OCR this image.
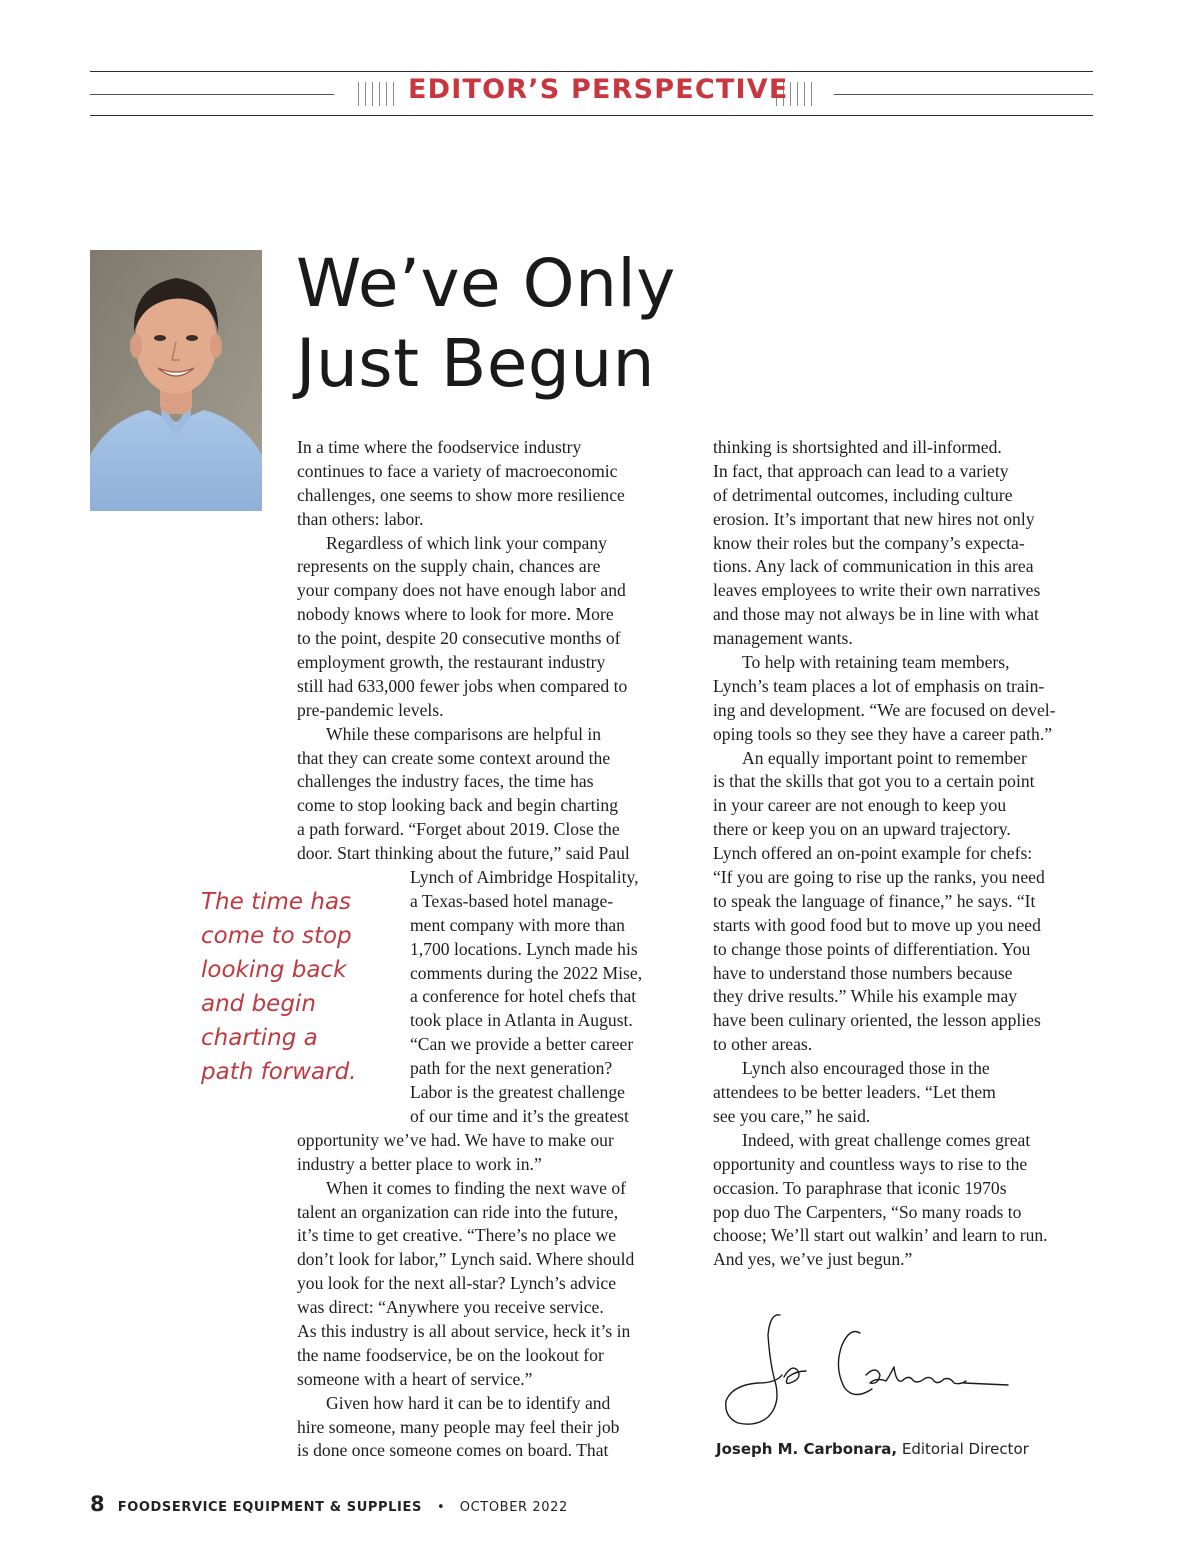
EDITOR’S PERSPECTIVE
We’ve Only
Just Begun
In a time where the foodservice industry
continues to face a variety of macroeconomic
challenges, one seems to show more resilience
than others: labor.
Regardless of which link your company
represents on the supply chain, chances are
your company does not have enough labor and
nobody knows where to look for more. More
to the point, despite 20 consecutive months of
employment growth, the restaurant industry
still had 633,000 fewer jobs when compared to
pre-pandemic levels.
While these comparisons are helpful in
that they can create some context around the
challenges the industry faces, the time has
come to stop looking back and begin charting
a path forward. “Forget about 2019. Close the
door. Start thinking about the future,” said Paul
Lynch of Aimbridge Hospitality,
a Texas-based hotel manage-
ment company with more than
1,700 locations. Lynch made his
comments during the 2022 Mise,
a conference for hotel chefs that
took place in Atlanta in August.
“Can we provide a better career
path for the next generation?
Labor is the greatest challenge
of our time and it’s the greatest
opportunity we’ve had. We have to make our
industry a better place to work in.”
When it comes to finding the next wave of
talent an organization can ride into the future,
it’s time to get creative. “There’s no place we
don’t look for labor,” Lynch said. Where should
you look for the next all-star? Lynch’s advice
was direct: “Anywhere you receive service.
As this industry is all about service, heck it’s in
the name foodservice, be on the lookout for
someone with a heart of service.”
Given how hard it can be to identify and
hire someone, many people may feel their job
is done once someone comes on board. That
The time has
come to stop
looking back
and begin
charting a
path forward.
thinking is shortsighted and ill-informed.
In fact, that approach can lead to a variety
of detrimental outcomes, including culture
erosion. It’s important that new hires not only
know their roles but the company’s expecta-
tions. Any lack of communication in this area
leaves employees to write their own narratives
and those may not always be in line with what
management wants.
To help with retaining team members,
Lynch’s team places a lot of emphasis on train-
ing and development. “We are focused on devel-
oping tools so they see they have a career path.”
An equally important point to remember
is that the skills that got you to a certain point
in your career are not enough to keep you
there or keep you on an upward trajectory.
Lynch offered an on-point example for chefs:
“If you are going to rise up the ranks, you need
to speak the language of finance,” he says. “It
starts with good food but to move up you need
to change those points of differentiation. You
have to understand those numbers because
they drive results.” While his example may
have been culinary oriented, the lesson applies
to other areas.
Lynch also encouraged those in the
attendees to be better leaders. “Let them
see you care,” he said.
Indeed, with great challenge comes great
opportunity and countless ways to rise to the
occasion. To paraphrase that iconic 1970s
pop duo The Carpenters, “So many roads to
choose; We’ll start out walkin’ and learn to run.
And yes, we’ve just begun.”
Joseph M. Carbonara, Editorial Director
8 FOODSERVICE EQUIPMENT & SUPPLIES • OCTOBER 2022
